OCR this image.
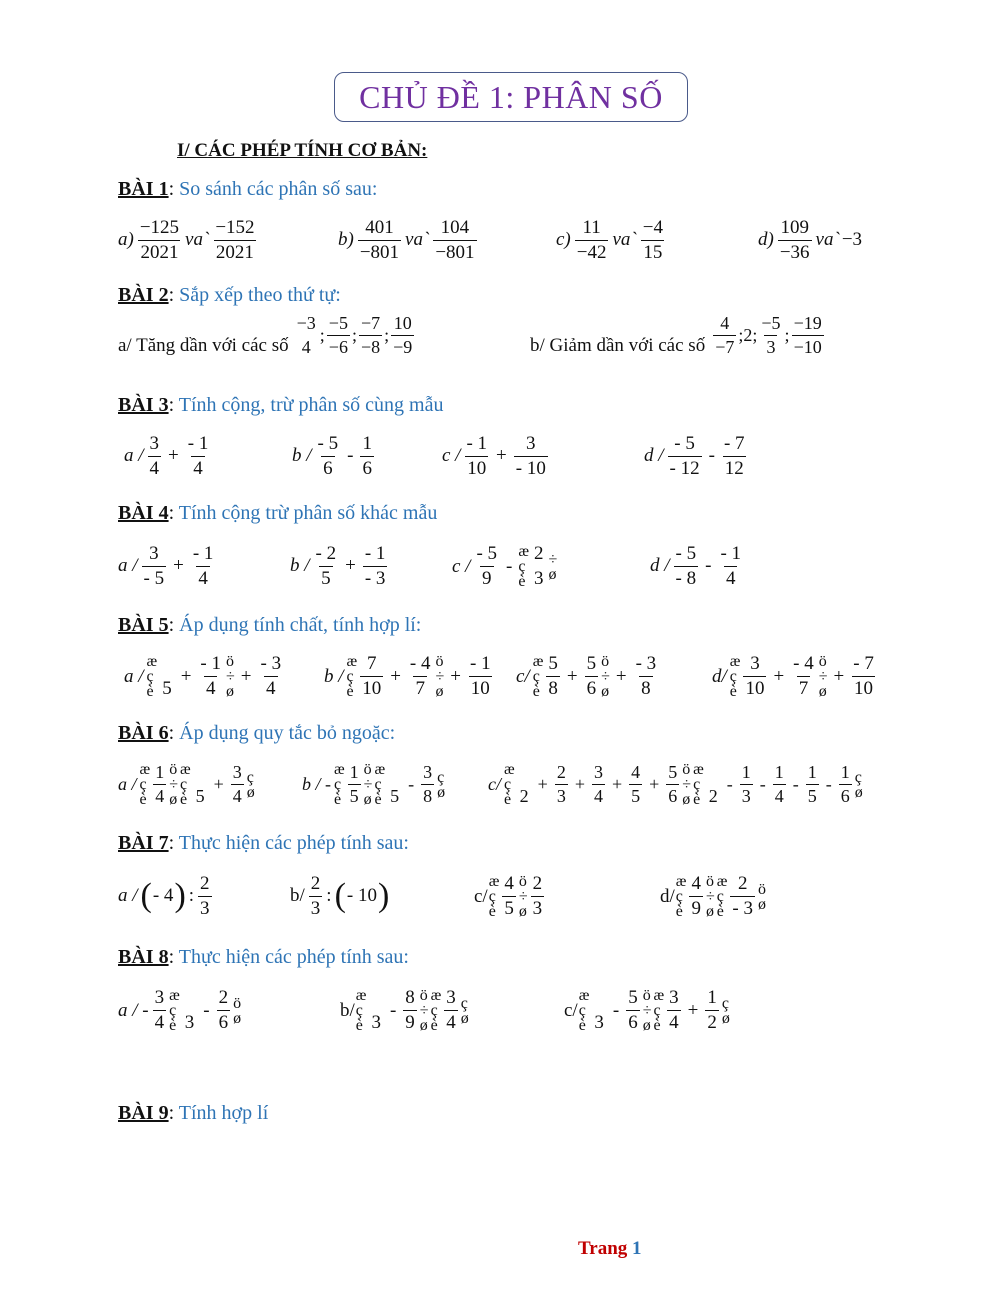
CHỦ ĐỀ 1: PHÂN SỐ
I/ CÁC PHÉP TÍNH CƠ BẢN:
BÀI 1: So sánh các phân số sau:
BÀI 2: Sắp xếp theo thứ tự:
BÀI 3: Tính cộng, trừ phân số cùng mẫu
BÀI 4: Tính cộng trừ phân số khác mẫu
BÀI 5: Áp dụng tính chất, tính hợp lí:
BÀI 6: Áp dụng quy tắc bỏ ngoặc:
BÀI 7: Thực hiện các phép tính sau:
BÀI 8: Thực hiện các phép tính sau:
BÀI 9: Tính hợp lí
$a) \frac{-125}{2021}$ va` $\frac{-152}{2021}$	$b) \frac{401}{-801}$ va` $\frac{104}{-801}$	$c) \frac{11}{-42}$ va` $\frac{-4}{15}$	$d) \frac{109}{-36}$ va` −3
a/ Tăng dần với các số
−3
4
; $\frac{-5}{-6}$ ; $\frac{-7}{-8}$ ; $\frac{10}{-9}$	b/ Giảm dần với các số $\frac{4}{-7}$ ; 2 ; $\frac{-5}{3}$ ; $\frac{-19}{-10}$
$a / \frac{3}{4} + \frac{- 1}{4}$	b / $\frac{- 5}{6} - \frac{1}{6}$	$c / \frac{- 1}{10} + \frac{3}{- 10}$	d / $\frac{- 5}{- 12} - \frac{- 7}{12}$
$a / \frac{3}{- 5} + \frac{- 1}{4}$	$b / \frac{- 2}{5} + \frac{- 1}{- 3}$	c / $\frac{- 5}{9}$ -
æ
ç
è
2
3
÷
ø	d / $\frac{- 5}{- 8} - \frac{- 1}{4}$
a /
æ
ç
è
5
+ $\frac{- 1}{4}$ ö
÷
ø
+ $\frac{- 3}{4}$ b /
æ
ç
è $\frac{7}{10} + \frac{- 4}{7}$ ö
÷
ø
+ $\frac{- 1}{10} c/$
æ
ç
è $\frac{5}{8} + \frac{5}{6}$ ö
÷
ø
+ $\frac{- 3}{8}$	d/
æ
ç
è $\frac{3}{10} + \frac{- 4}{7}$ ö
÷
ø
+ $\frac{- 7}{10}$
a /
æ
ç
è $\frac{1}{4}$ ö
÷
ø
æ
ç
è
5
+ $\frac{3}{4}$ ç
ø	b / -
æ
ç
è $\frac{1}{5}$ ö
÷
ø
æ
ç
è
5
- $\frac{3}{8}$ ç
ø c/
æ
ç
è
2
+ $\frac{2}{3} + \frac{3}{4} + \frac{4}{5} + \frac{5}{6}$ ö
÷
ø
æ
ç
è
2
- $\frac{1}{3} - \frac{1}{4} - \frac{1}{5} - \frac{1}{6}$ ç
ø
a / ( - 4 ) : $\frac{2}{3}$	$b/ \frac{2}{3}$ : ( - 10 )	c/
æ
ç
è $\frac{4}{5}$ ö
÷
ø $\frac{2}{3}$	d/
æ
ç
è $\frac{4}{9}$ ö
÷
ø
æ
ç
è $\frac{2}{- 3}$ ö
ø
a / - $\frac{3}{4}$ æ
ç
è
3
- $\frac{2}{6}$ ö
ø	b/
æ
ç
è
3
- $\frac{8}{9}$ ö
÷
ø
æ
ç
è $\frac{3}{4}$ ç
ø	c/
æ
ç
è
3
- $\frac{5}{6}$ ö
÷
ø
æ
ç
è $\frac{3}{4} + \frac{1}{2}$ ç
ø
Trang 1
